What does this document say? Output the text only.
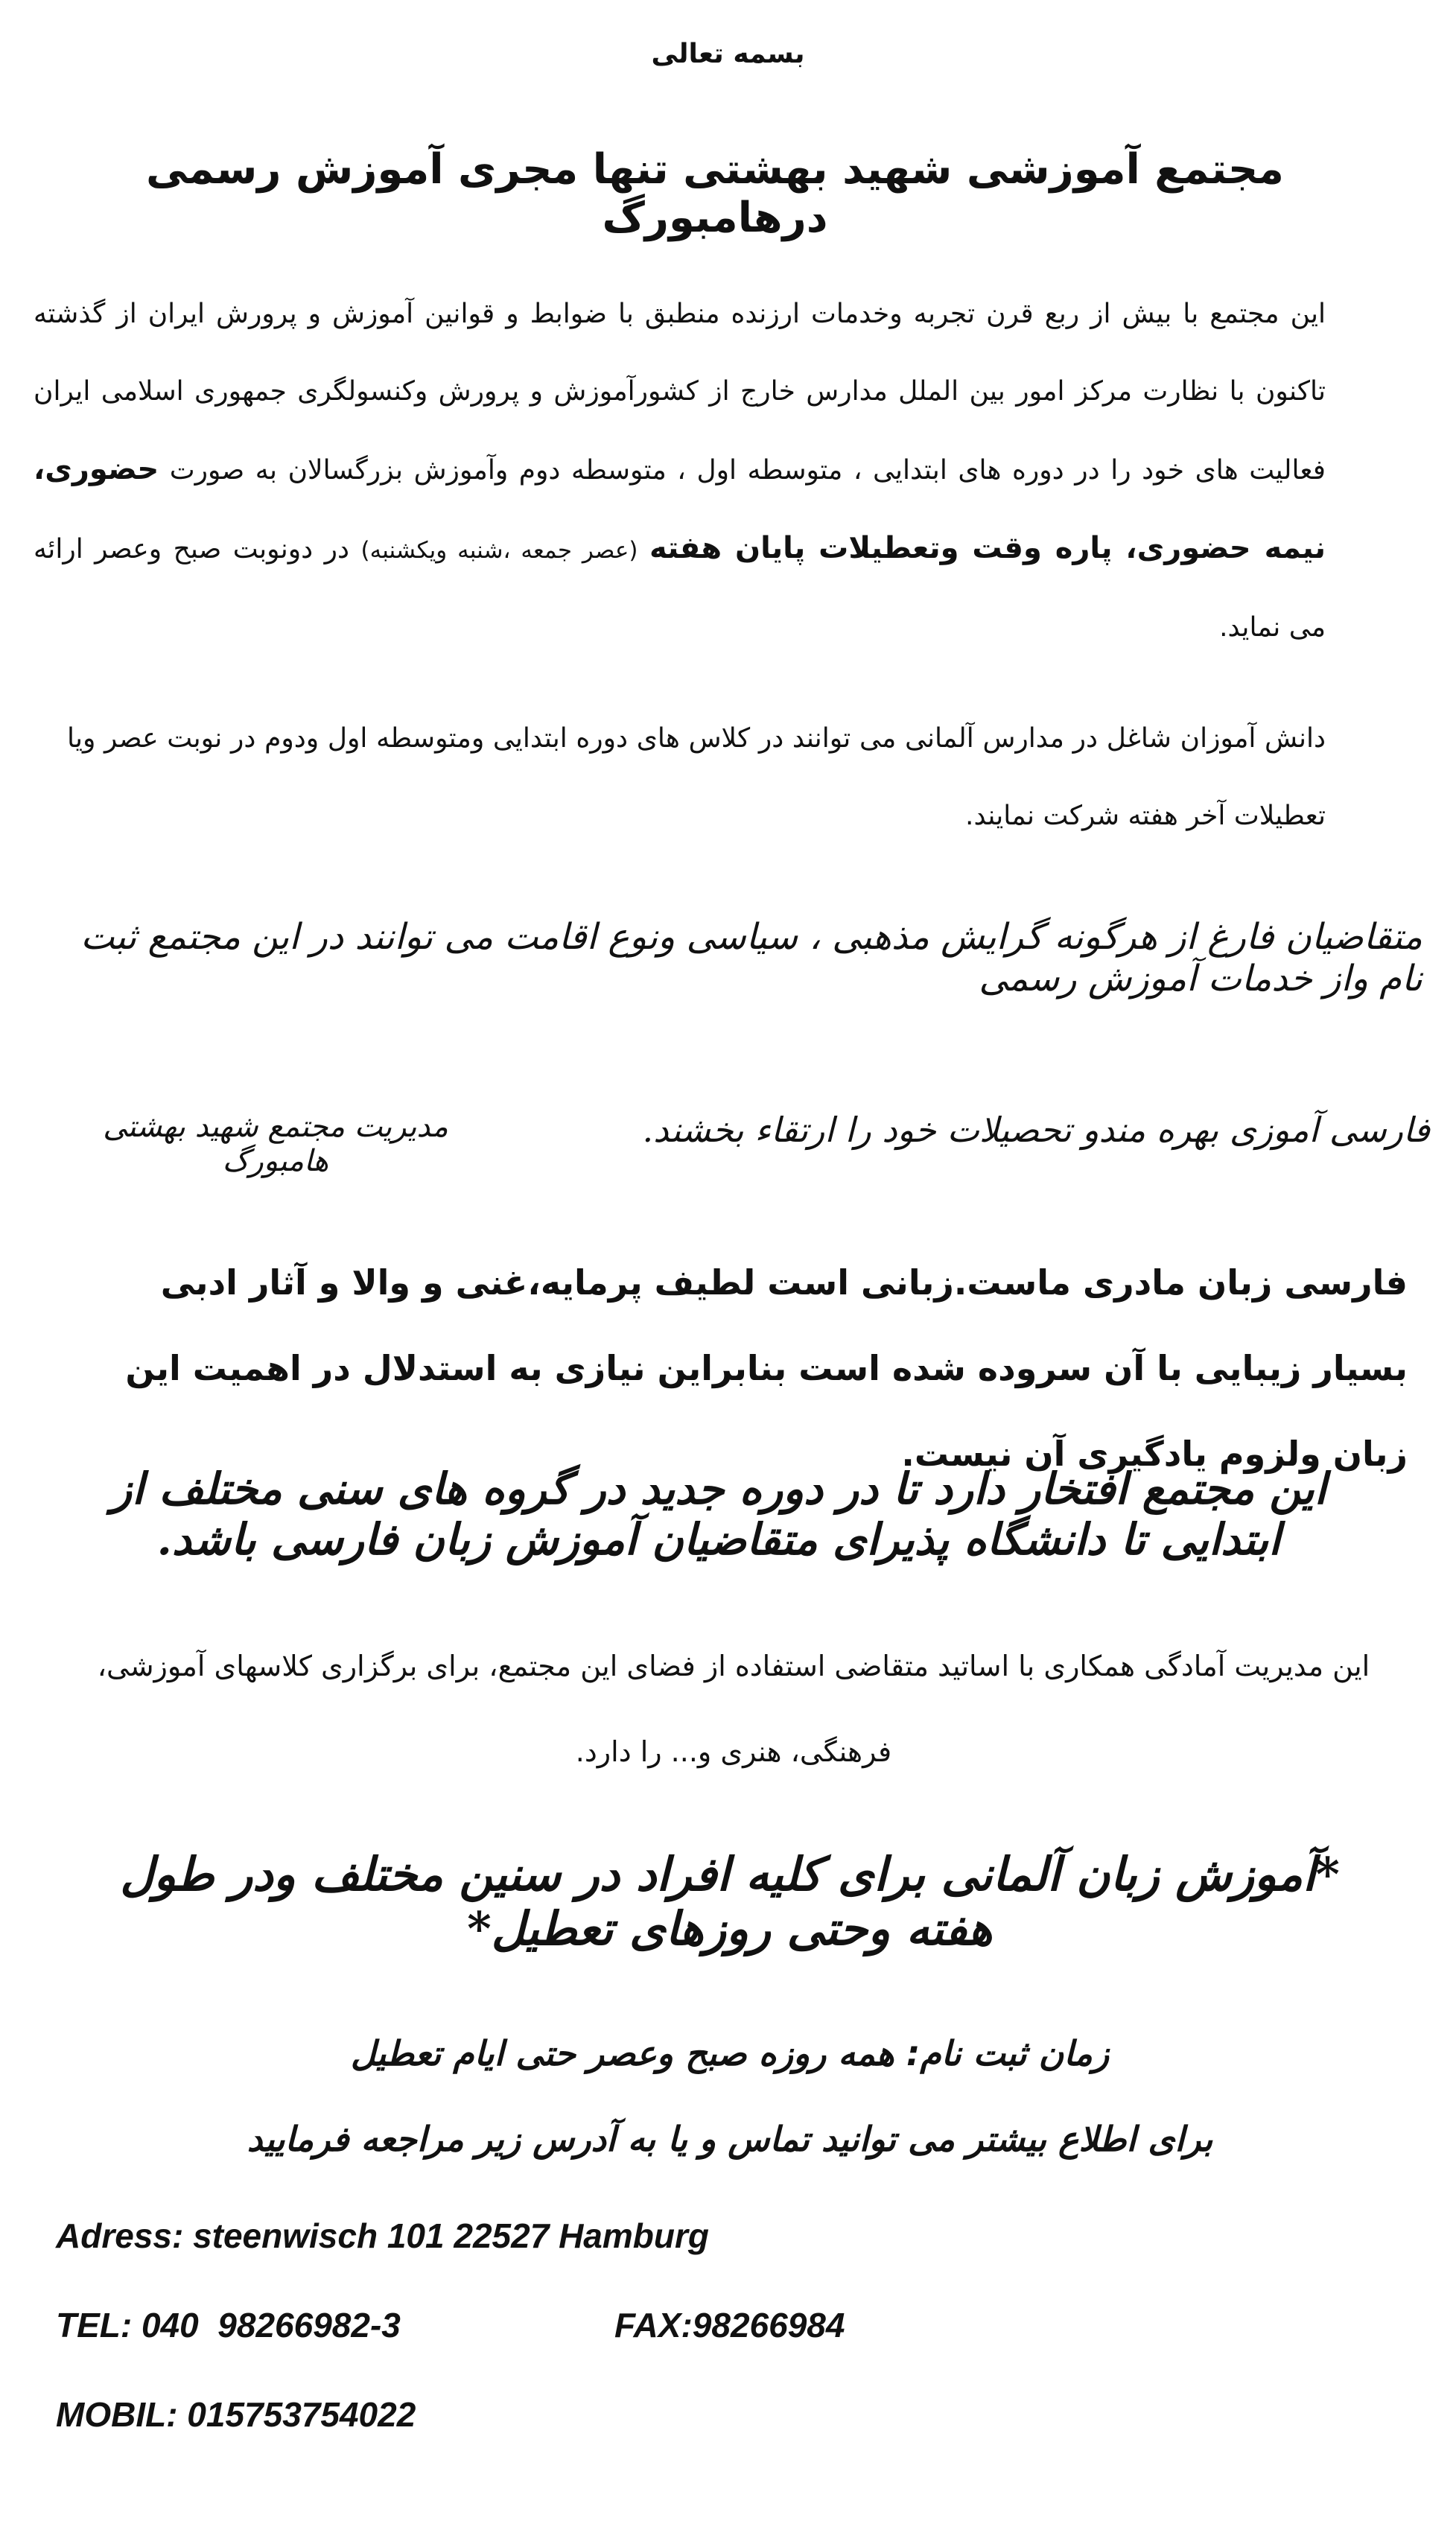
بسمه تعالی
مجتمع آموزشی شهید بهشتی تنها مجری آموزش رسمی درهامبورگ
این مجتمع با بیش از ربع قرن تجربه وخدمات ارزنده منطبق با ضوابط و قوانین آموزش و پرورش ایران از گذشته تاکنون با نظارت مرکز امور بین الملل مدارس خارج از کشورآموزش و پرورش وکنسولگری جمهوری اسلامی ایران فعالیت های خود را در دوره های ابتدایی ، متوسطه اول ، متوسطه دوم وآموزش بزرگسالان به صورت حضوری، نیمه حضوری، پاره وقت وتعطیلات پایان هفته (عصر جمعه ،شنبه ویکشنبه) در دونوبت صبح وعصر ارائه می نماید.
دانش آموزان شاغل در مدارس آلمانی می توانند در کلاس های دوره ابتدایی ومتوسطه اول ودوم در نوبت عصر ویا تعطیلات آخر هفته شرکت نمایند.
متقاضیان فارغ از هرگونه گرایش مذهبی ، سیاسی ونوع اقامت می توانند در این مجتمع ثبت نام واز خدمات آموزش رسمی
فارسی آموزی بهره مندو تحصیلات خود را ارتقاء بخشند.
مدیریت مجتمع شهید بهشتی هامبورگ
فارسی زبان مادری ماست.زبانی است لطیف پرمایه،غنی و والا و آثار ادبی بسیار زیبایی با آن سروده شده است بنابراین نیازی به استدلال در اهمیت این زبان ولزوم یادگیری آن نیست.
این مجتمع افتخار دارد تا در دوره جدید در گروه های سنی مختلف از ابتدایی تا دانشگاه پذیرای متقاضیان آموزش زبان فارسی باشد.
این مدیریت آمادگی همکاری با اساتید متقاضی استفاده از فضای این مجتمع، برای برگزاری کلاسهای آموزشی، فرهنگی، هنری و... را دارد.
*آموزش زبان آلمانی برای کلیه افراد در سنین مختلف ودر طول هفته وحتی روزهای تعطیل*
زمان ثبت نام: همه روزه صبح وعصر حتی ایام تعطیل
برای اطلاع بیشتر می توانید تماس و یا به آدرس زیر مراجعه فرمایید
Adress: steenwisch 101 22527 Hamburg
TEL: 040  98266982-3	FAX:98266984
MOBIL: 015753754022
